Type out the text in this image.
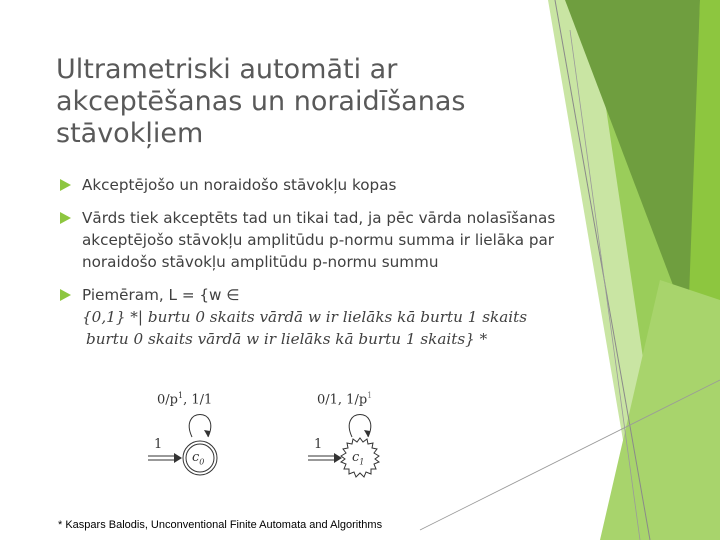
Ultrametriski automāti ar akceptēšanas un noraidīšanas stāvokļiem
Akceptējošo un noraidošo stāvokļu kopas
Vārds tiek akceptēts tad un tikai tad, ja pēc vārda nolasīšanas akceptējošo stāvokļu amplitūdu p-normu summa ir lielāka par noraidošo stāvokļu amplitūdu p-normu summu
Piemēram, L = {w ∈
{0,1} *| burtu 0 skaits vārdā w ir lielāks kā burtu 1 skaits
burtu 0 skaits vārdā w ir lielāks kā burtu 1 skaits} *
$0/p^1$, 1/1
1
$c_0$
0/1, $1/p^1$
1
$c_1$
* Kaspars Balodis, Unconventional Finite Automata and Algorithms
